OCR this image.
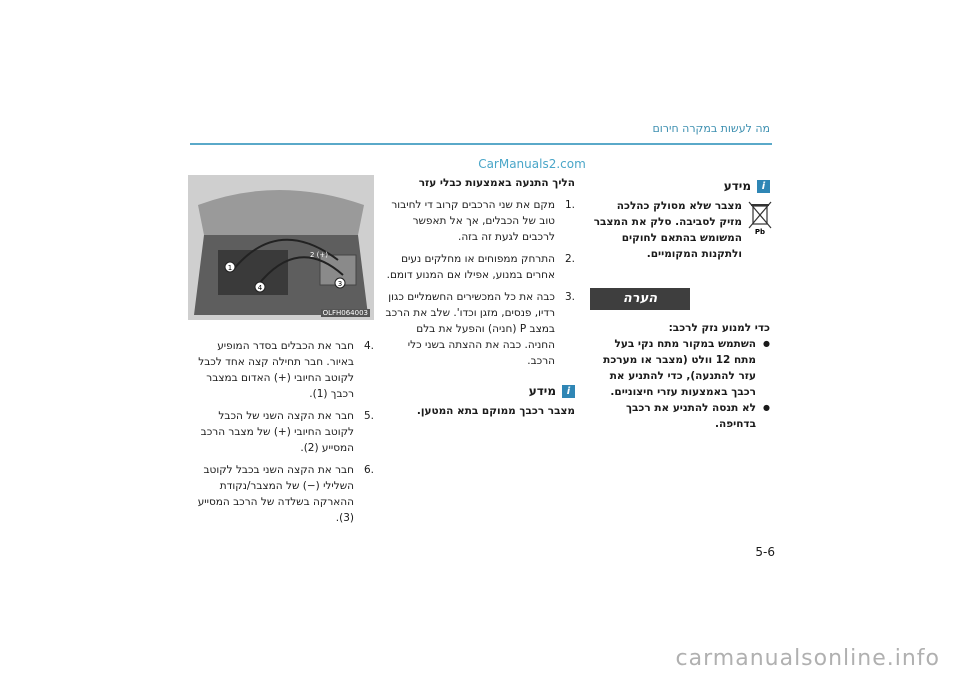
מה לעשות במקרה חירום
CarManuals2.com
Pb
i
מידע
מצבר שלא מסולק כהלכה
מזיק לסביבה. סלק את המצבר
המשומש בהתאם לחוקים
ולתקנות המקומיים.
הערה
כדי למנוע נזק לרכב:
● השתמש במקור מתח נקי בעל מתח 12 וולט (מצבר או מערכת עזר להתנעה), כדי להתניע את רכבך באמצעות עזרי חיצוניים.
● לא תנסה להתניע את רכבך בדחיפה.
הליך התנעה באמצעות כבלי עזר
.1
מקם את שני הרכבים קרוב די לחיבור טוב של הכבלים, אך אל תאפשר לרכבים לגעת זה בזה.
.2
התרחק ממפוחים או מחלקים נעים אחרים במנוע, אפילו אם המנוע דומם.
.3
כבה את כל המכשירים החשמליים כגון רדיו, פנסים, מזגן וכדו'. שלב את הרכב במצב P (חניה) והפעל את בלם החניה. כבה את ההצתה בשני כלי הרכב.
i
מידע
מצבר רכבך ממוקם בתא המטען.
1
2 (+)
3
4
OLFH064003
.4
חבר את הכבלים בסדר המופיע באיור. חבר תחילה קצה אחד לכבל לקוטב החיובי (+) האדום במצבר רכבך (1).
.5
חבר את הקצה השני של הכבל לקוטב החיובי (+) של מצבר הרכב המסייע (2).
.6
חבר את הקצה השני בכבל לקוטב השלילי (−) של המצבר/נקודת ההארקה בשלדה של הרכב המסייע (3).
5-6
carmanualsonline.info
